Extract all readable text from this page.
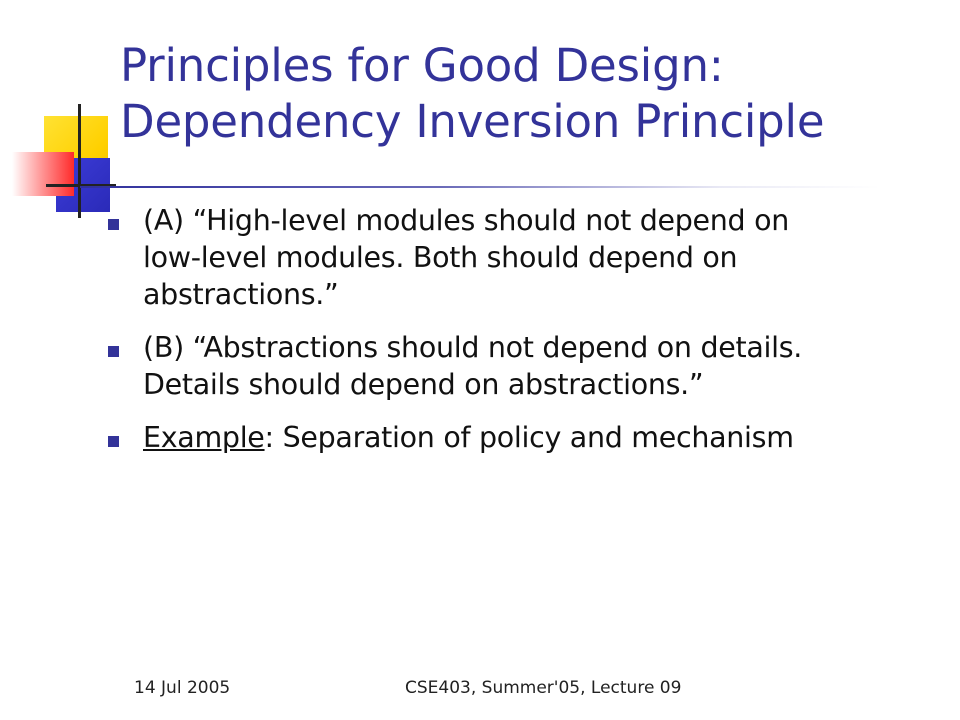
Principles for Good Design:
Dependency Inversion Principle
(A) “High-level modules should not depend on
low-level modules. Both should depend on
abstractions.”
(B) “Abstractions should not depend on details.
Details should depend on abstractions.”
Example: Separation of policy and mechanism
14 Jul 2005	CSE403, Summer'05, Lecture 09
